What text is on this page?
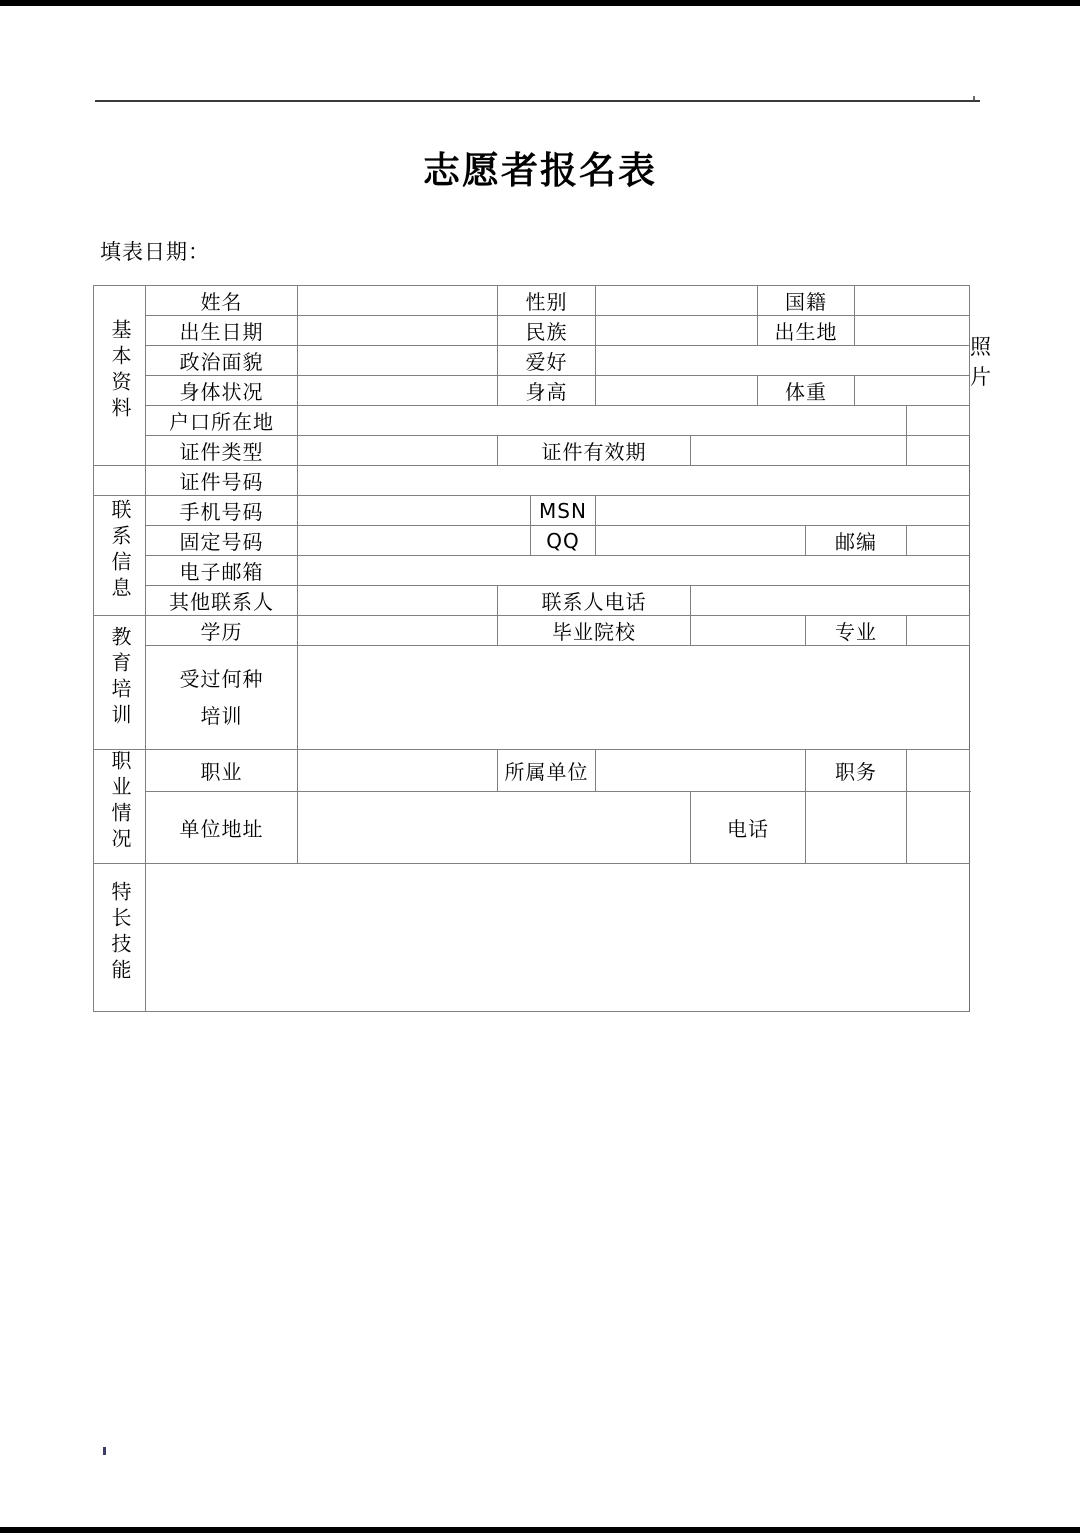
志愿者报名表
填表日期：
基本资料	姓名		性别				国籍				照片
	出生日期		民族				出生地				
	政治面貌		爱好								
	身体状况		身高				体重				
	户口所在地										
	证件类型		证件有效期								
	证件号码										
联系信息	手机号码			MSN							
	固定号码			QQ				邮编			
	电子邮箱										
	其他联系人		联系人电话								
教育培训	学历		毕业院校					专业			

	受过何种
培训										

职业情况	职业		所属单位					职务			
	单位地址					电话					
特长技能											
